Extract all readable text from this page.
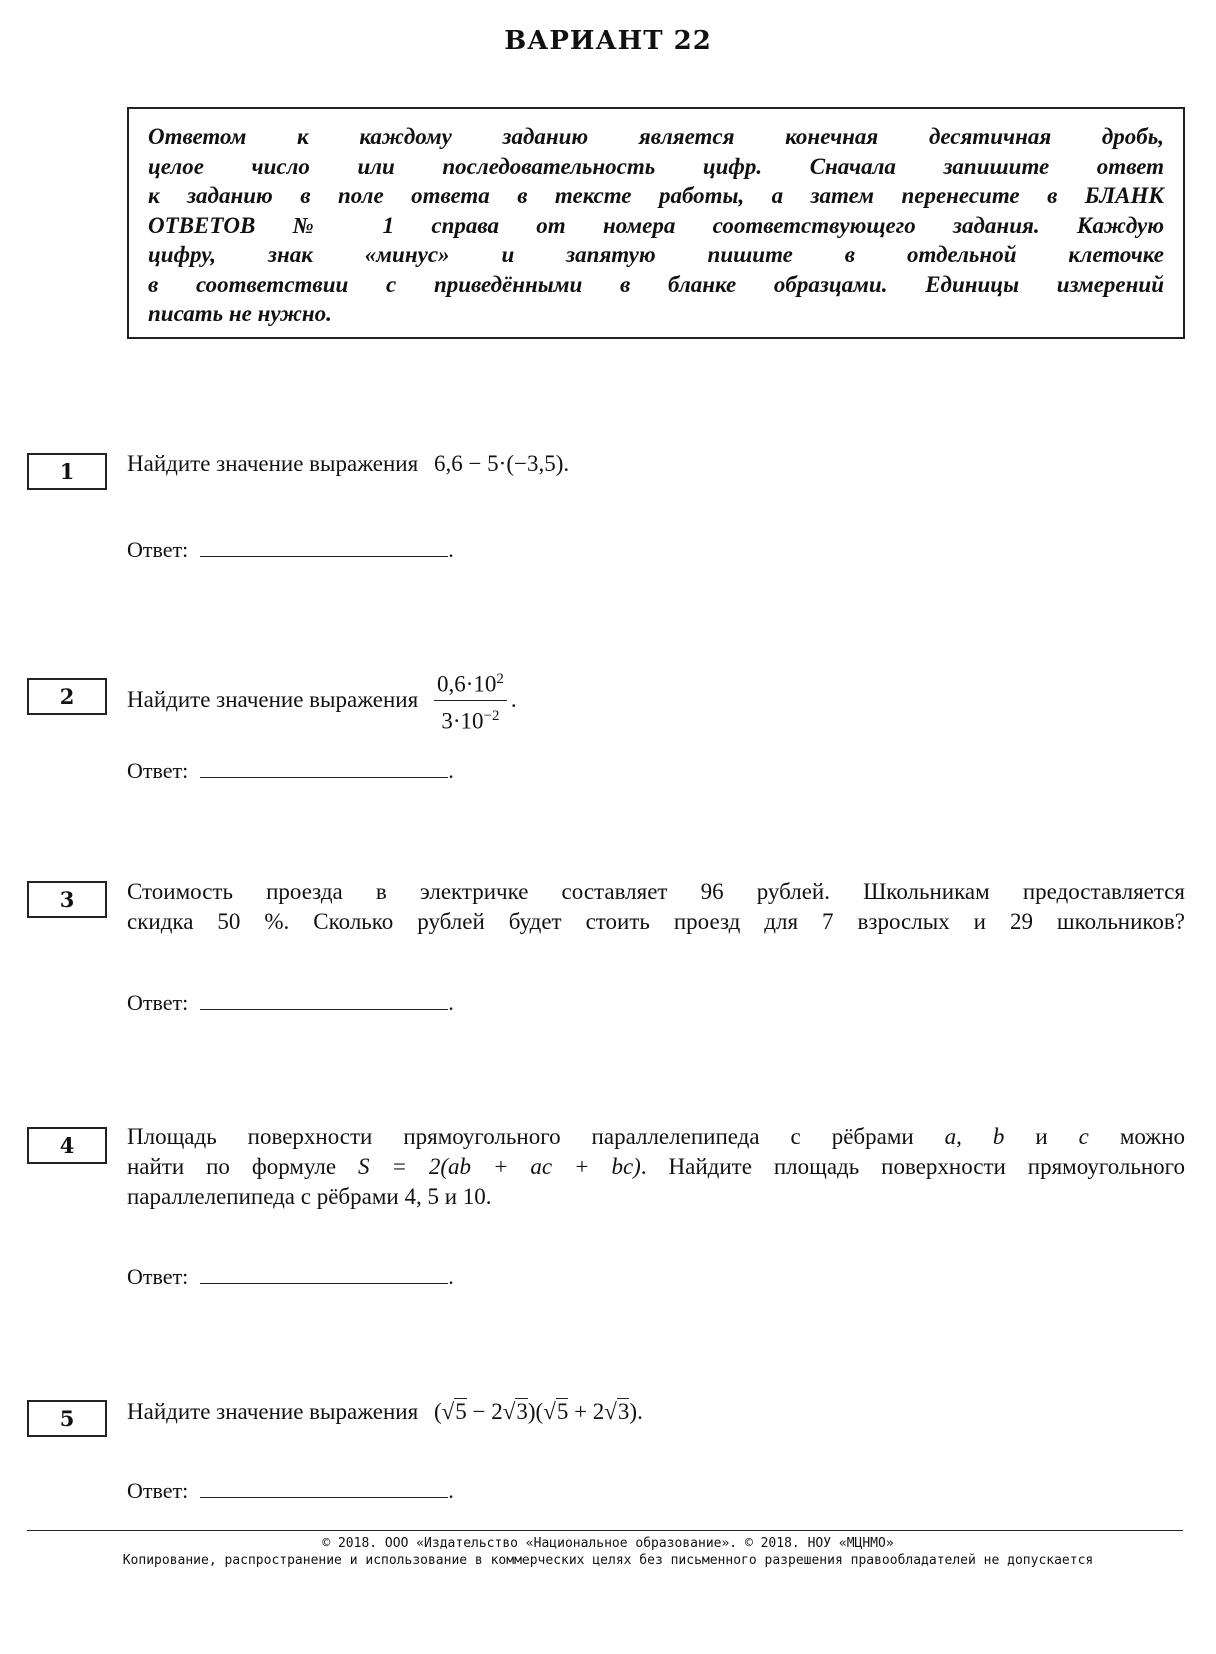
ВАРИАНТ 22
Ответом к каждому заданию является конечная десятичная дробь,
целое число или последовательность цифр. Сначала запишите ответ
к заданию в поле ответа в тексте работы, а затем перенесите в БЛАНК
ОТВЕТОВ № 1 справа от номера соответствующего задания. Каждую
цифру, знак «минус» и запятую пишите в отдельной клеточке
в соответствии с приведёнными в бланке образцами. Единицы измерений
писать не нужно.
1	Найдите значение выражения 6,6 − 5·(−3,5).
Ответ:	.
2	Найдите значение выражения $\frac{0,6\cdot 10^2}{3\cdot 10^{-2}}$ .
Ответ:	.
3	Стоимость проезда в электричке составляет 96 рублей. Школьникам предоставляется
скидка 50 %. Сколько рублей будет стоить проезд для 7 взрослых и 29 школьников?
Ответ:	.
4	Площадь поверхности прямоугольного параллелепипеда с рёбрами a, b и c можно
найти по формуле S = 2(ab + ac + bc). Найдите площадь поверхности прямоугольного
параллелепипеда с рёбрами 4, 5 и 10.
Ответ:	.
5	Найдите значение выражения (√5 − 2√3)(√5 + 2√3).
Ответ:	.
© 2018. ООО «Издательство «Национальное образование». © 2018. НОУ «МЦНМО»
Копирование, распространение и использование в коммерческих целях без письменного разрешения правообладателей не допускается
